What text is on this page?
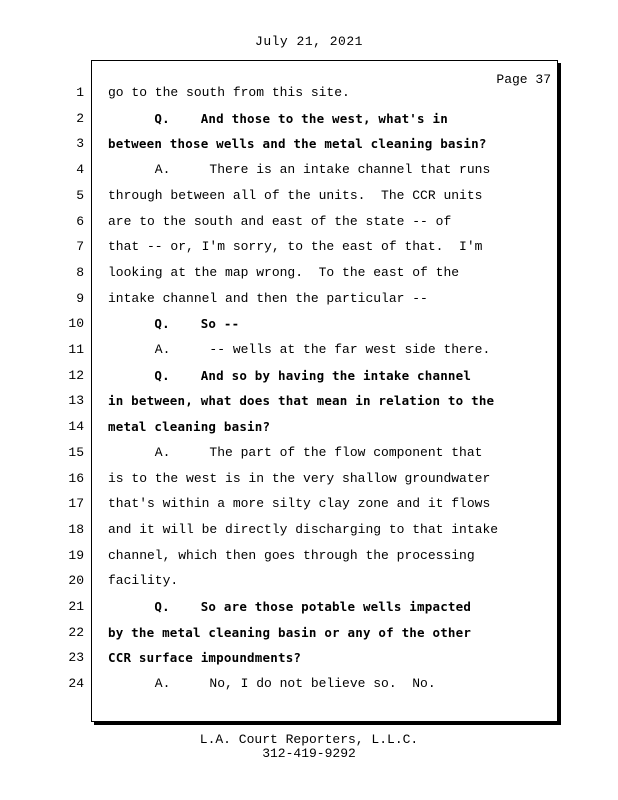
July 21, 2021
Page 37
1 go to the south from this site.
2 Q.    And those to the west, what's in
3 between those wells and the metal cleaning basin?
4 A.     There is an intake channel that runs
5 through between all of the units.  The CCR units
6 are to the south and east of the state -- of
7 that -- or, I'm sorry, to the east of that.  I'm
8 looking at the map wrong.  To the east of the
9 intake channel and then the particular --
10 Q.    So --
11 A.     -- wells at the far west side there.
12 Q.    And so by having the intake channel
13 in between, what does that mean in relation to the
14 metal cleaning basin?
15 A.     The part of the flow component that
16 is to the west is in the very shallow groundwater
17 that's within a more silty clay zone and it flows
18 and it will be directly discharging to that intake
19 channel, which then goes through the processing
20 facility.
21 Q.    So are those potable wells impacted
22 by the metal cleaning basin or any of the other
23 CCR surface impoundments?
24 A.     No, I do not believe so.  No.
L.A. Court Reporters, L.L.C.
312-419-9292
